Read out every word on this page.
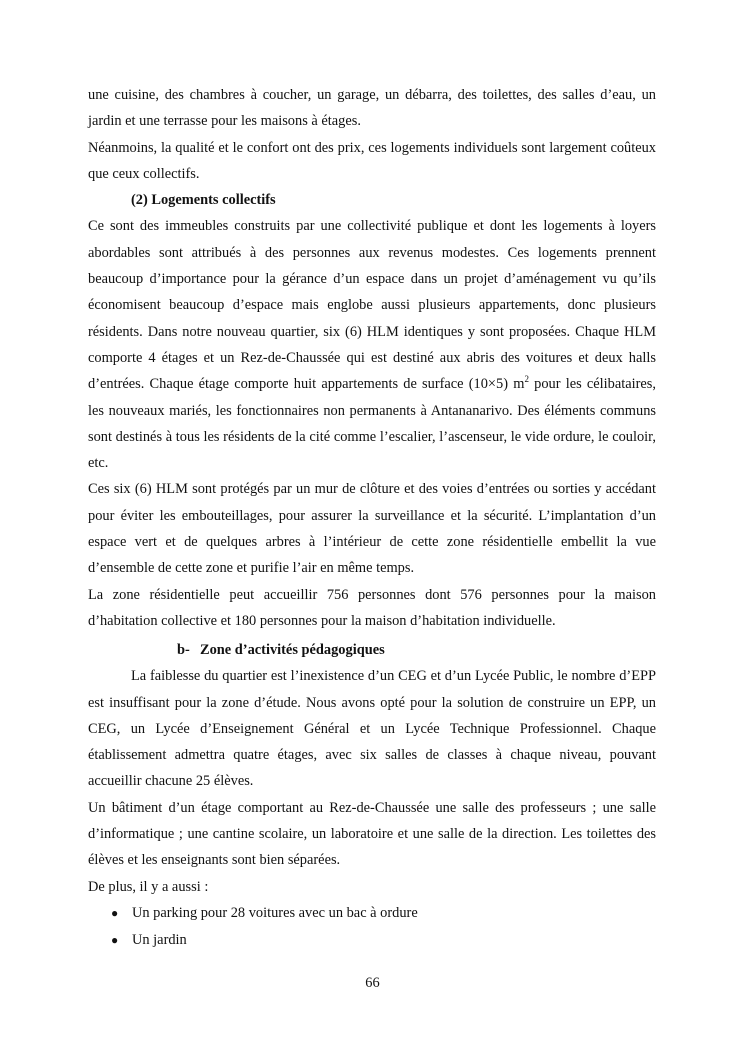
une cuisine, des chambres à coucher, un garage, un débarra, des toilettes, des salles d’eau, un jardin et une terrasse pour les maisons à étages.

Néanmoins, la qualité et le confort ont des prix, ces logements individuels sont largement coûteux que ceux collectifs.

(2) Logements collectifs

Ce sont des immeubles construits par une collectivité publique et dont les logements à loyers abordables sont attribués à des personnes aux revenus modestes. Ces logements prennent beaucoup d’importance pour la gérance d’un espace dans un projet d’aménagement vu qu’ils économisent beaucoup d’espace mais englobe aussi plusieurs appartements, donc plusieurs résidents. Dans notre nouveau quartier, six (6) HLM identiques y sont proposées. Chaque HLM comporte 4 étages et un Rez-de-Chaussée qui est destiné aux abris des voitures et deux halls d’entrées. Chaque étage comporte huit appartements de surface (10×5) $m^2$ pour les célibataires, les nouveaux mariés, les fonctionnaires non permanents à Antananarivo. Des éléments communs sont destinés à tous les résidents de la cité comme l’escalier, l’ascenseur, le vide ordure, le couloir, etc.

Ces six (6) HLM sont protégés par un mur de clôture et des voies d’entrées ou sorties y accédant pour éviter les embouteillages, pour assurer la surveillance et la sécurité. L’implantation d’un espace vert et de quelques arbres à l’intérieur de cette zone résidentielle embellit la vue d’ensemble de cette zone et purifie l’air en même temps.

La zone résidentielle peut accueillir 756 personnes dont 576 personnes pour la maison d’habitation collective et 180 personnes pour la maison d’habitation individuelle.

b- Zone d’activités pédagogiques

La faiblesse du quartier est l’inexistence d’un CEG et d’un Lycée Public, le nombre d’EPP est insuffisant pour la zone d’étude. Nous avons opté pour la solution de construire un EPP, un CEG, un Lycée d’Enseignement Général et un Lycée Technique Professionnel. Chaque établissement admettra quatre étages, avec six salles de classes à chaque niveau, pouvant accueillir chacune 25 élèves.

Un bâtiment d’un étage comportant au Rez-de-Chaussée une salle des professeurs ; une salle d’informatique ; une cantine scolaire, un laboratoire et une salle de la direction. Les toilettes des élèves et les enseignants sont bien séparées.

De plus, il y a aussi :

● Un parking pour 28 voitures avec un bac à ordure
● Un jardin
66
